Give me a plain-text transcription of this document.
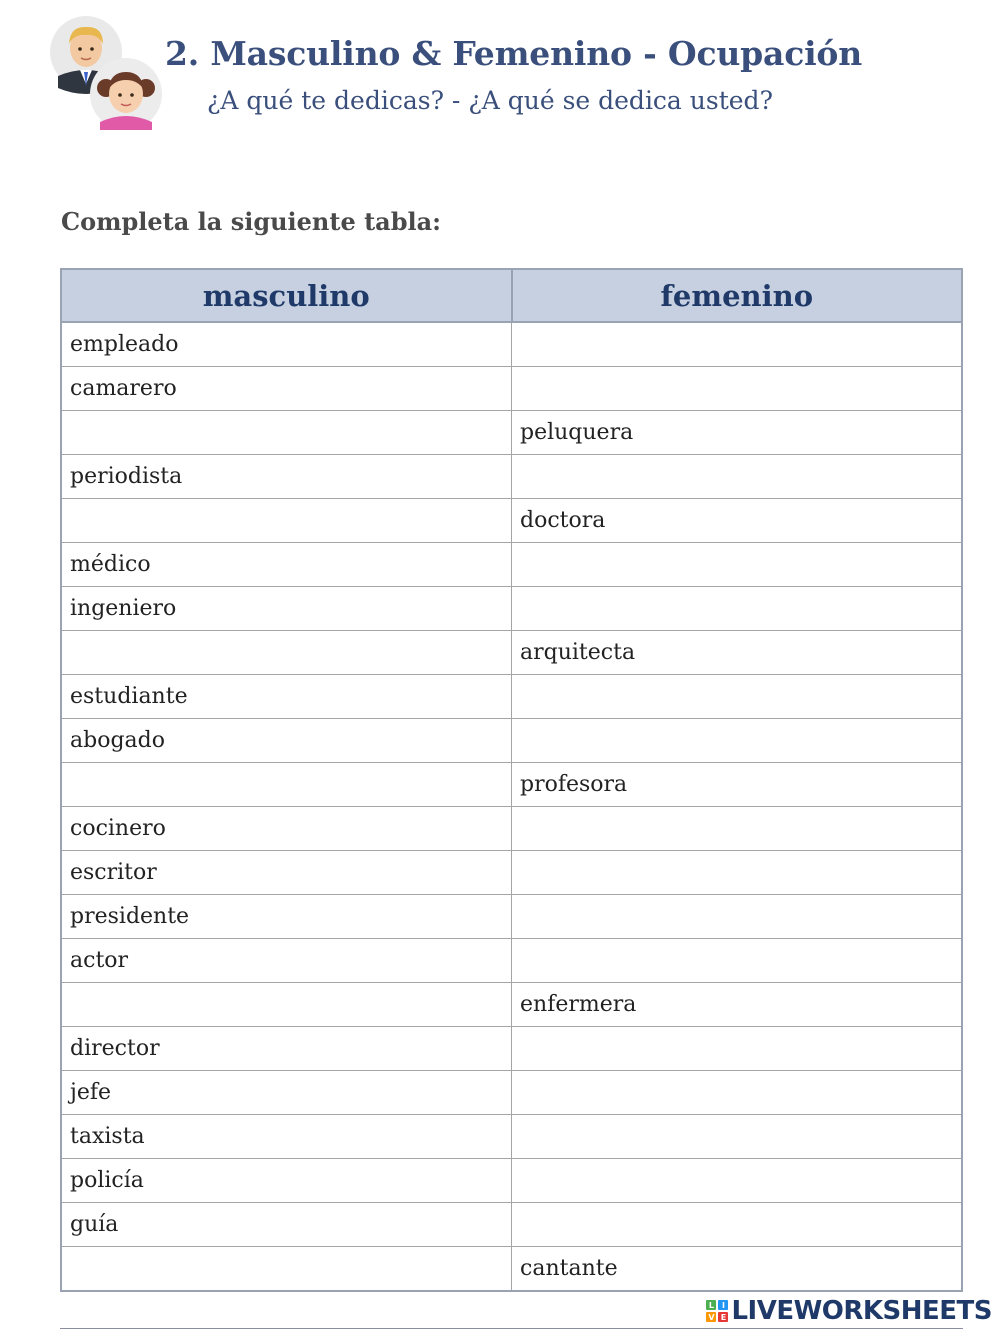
2. Masculino & Femenino - Ocupación
¿A qué te dedicas? - ¿A qué se dedica usted?
Completa la siguiente tabla:
masculino	femenino
empleado	
camarero	
	peluquera
periodista	
	doctora
médico	
ingeniero	
	arquitecta
estudiante	
abogado	
	profesora
cocinero	
escritor	
presidente	
actor	
	enfermera
director	
jefe	
taxista	
policía	
guía	
	cantante
L I
V E LIVEWORKSHEETS
